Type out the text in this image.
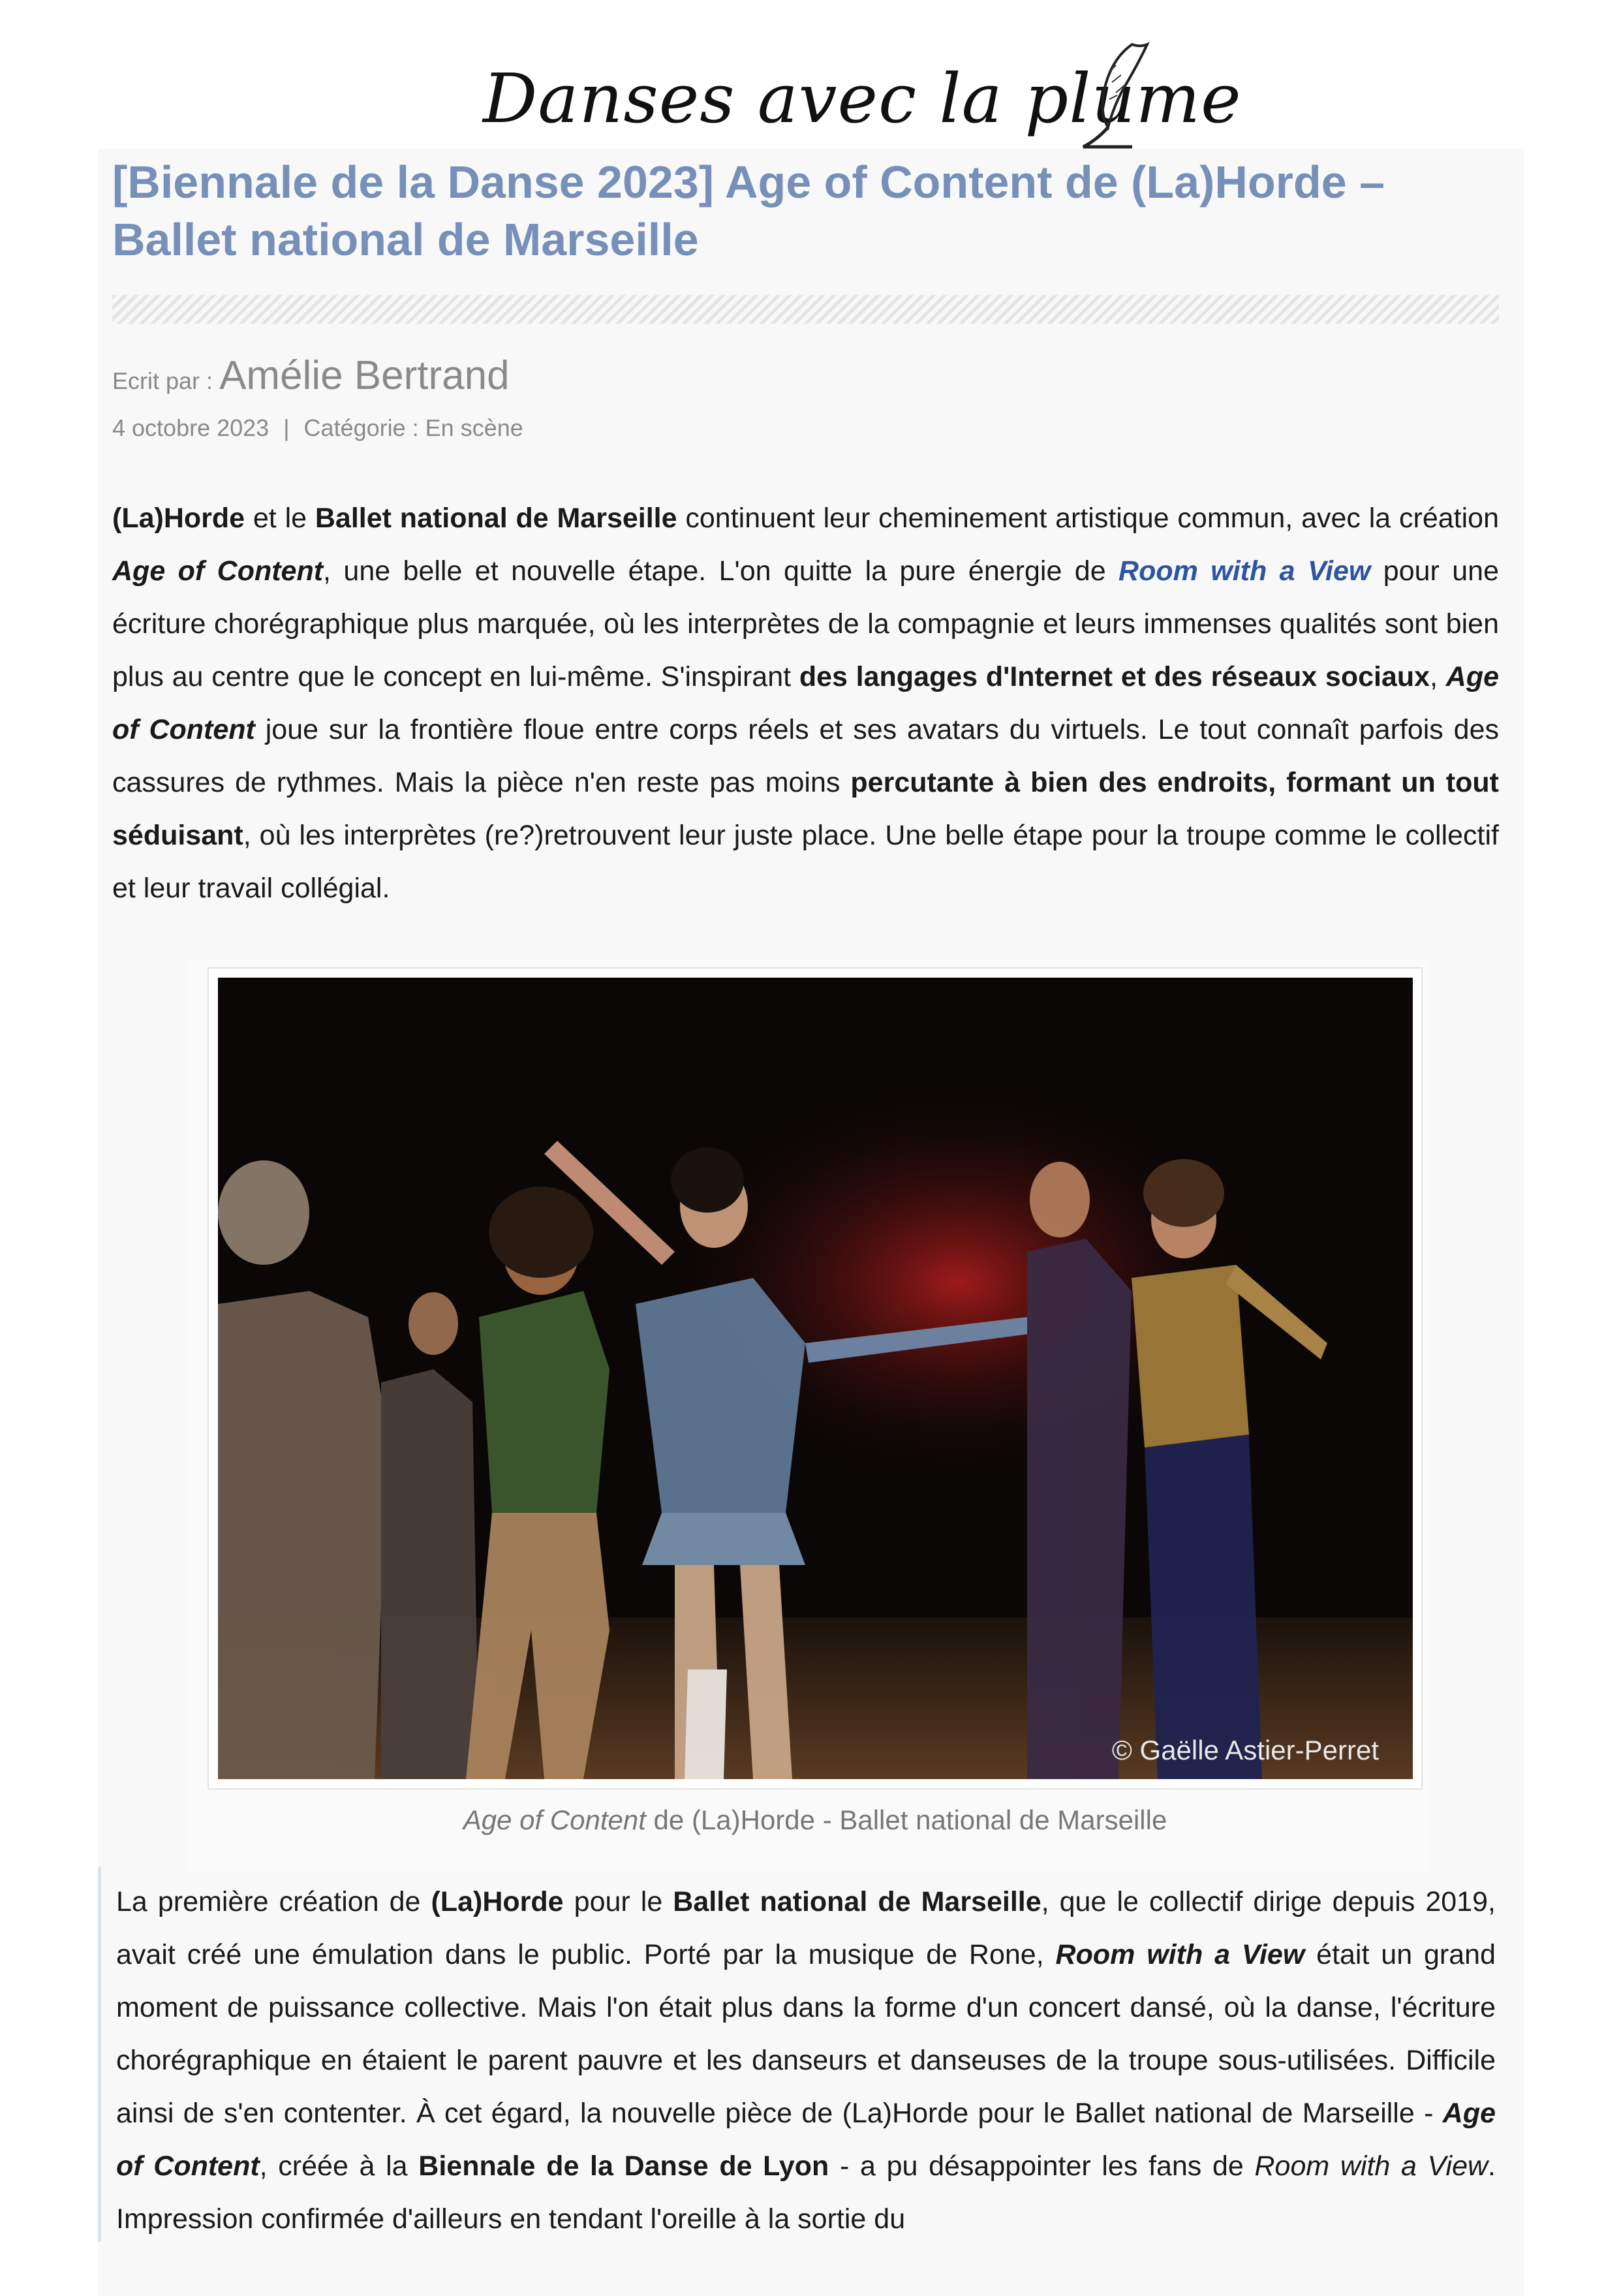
Danses avec la plume
[Biennale de la Danse 2023] Age of Content de (La)Horde – Ballet national de Marseille
Ecrit par : Amélie Bertrand
4 octobre 2023 | Catégorie : En scène

(La)Horde et le Ballet national de Marseille continuent leur cheminement artistique commun, avec la création Age of Content, une belle et nouvelle étape. L'on quitte la pure énergie de Room with a View pour une écriture chorégraphique plus marquée, où les interprètes de la compagnie et leurs immenses qualités sont bien plus au centre que le concept en lui-même. S'inspirant des langages d'Internet et des réseaux sociaux, Age of Content joue sur la frontière floue entre corps réels et ses avatars du virtuels. Le tout connaît parfois des cassures de rythmes. Mais la pièce n'en reste pas moins percutante à bien des endroits, formant un tout séduisant, où les interprètes (re?)retrouvent leur juste place. Une belle étape pour la troupe comme le collectif et leur travail collégial.

© Gaëlle Astier-Perret
Age of Content de (La)Horde - Ballet national de Marseille

La première création de (La)Horde pour le Ballet national de Marseille, que le collectif dirige depuis 2019, avait créé une émulation dans le public. Porté par la musique de Rone, Room with a View était un grand moment de puissance collective. Mais l'on était plus dans la forme d'un concert dansé, où la danse, l'écriture chorégraphique en étaient le parent pauvre et les danseurs et danseuses de la troupe sous-utilisées. Difficile ainsi de s'en contenter. À cet égard, la nouvelle pièce de (La)Horde pour le Ballet national de Marseille - Age of Content, créée à la Biennale de la Danse de Lyon - a pu désappointer les fans de Room with a View. Impression confirmée d'ailleurs en tendant l'oreille à la sortie du
